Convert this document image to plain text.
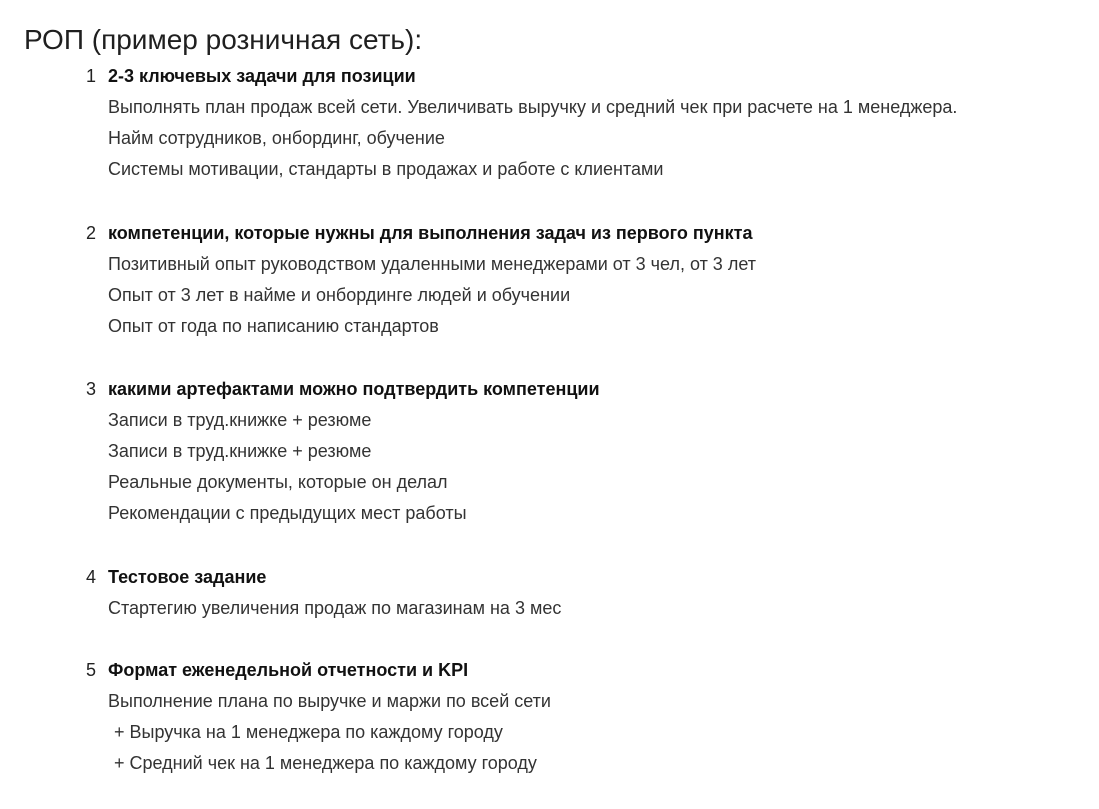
РОП (пример розничная сеть):
1 2-3 ключевых задачи для позиции
Выполнять план продаж всей сети. Увеличивать выручку и средний чек при расчете на 1 менеджера.
Найм сотрудников, онбординг, обучение
Системы мотивации, стандарты в продажах и работе с клиентами
2 компетенции, которые нужны для выполнения задач из первого пункта
Позитивный опыт руководством удаленными менеджерами от 3 чел, от 3 лет
Опыт от 3 лет в найме и онбординге людей и обучении
Опыт от года по написанию стандартов
3 какими артефактами можно подтвердить компетенции
Записи в труд.книжке + резюме
Записи в труд.книжке + резюме
Реальные документы, которые он делал
Рекомендации с предыдущих мест работы
4 Тестовое задание
Стартегию увеличения продаж по магазинам на 3 мес
5 Формат еженедельной отчетности и KPI
Выполнение плана по выручке и маржи по всей сети
+ Выручка на 1 менеджера по каждому городу
+ Средний чек на 1 менеджера по каждому городу
